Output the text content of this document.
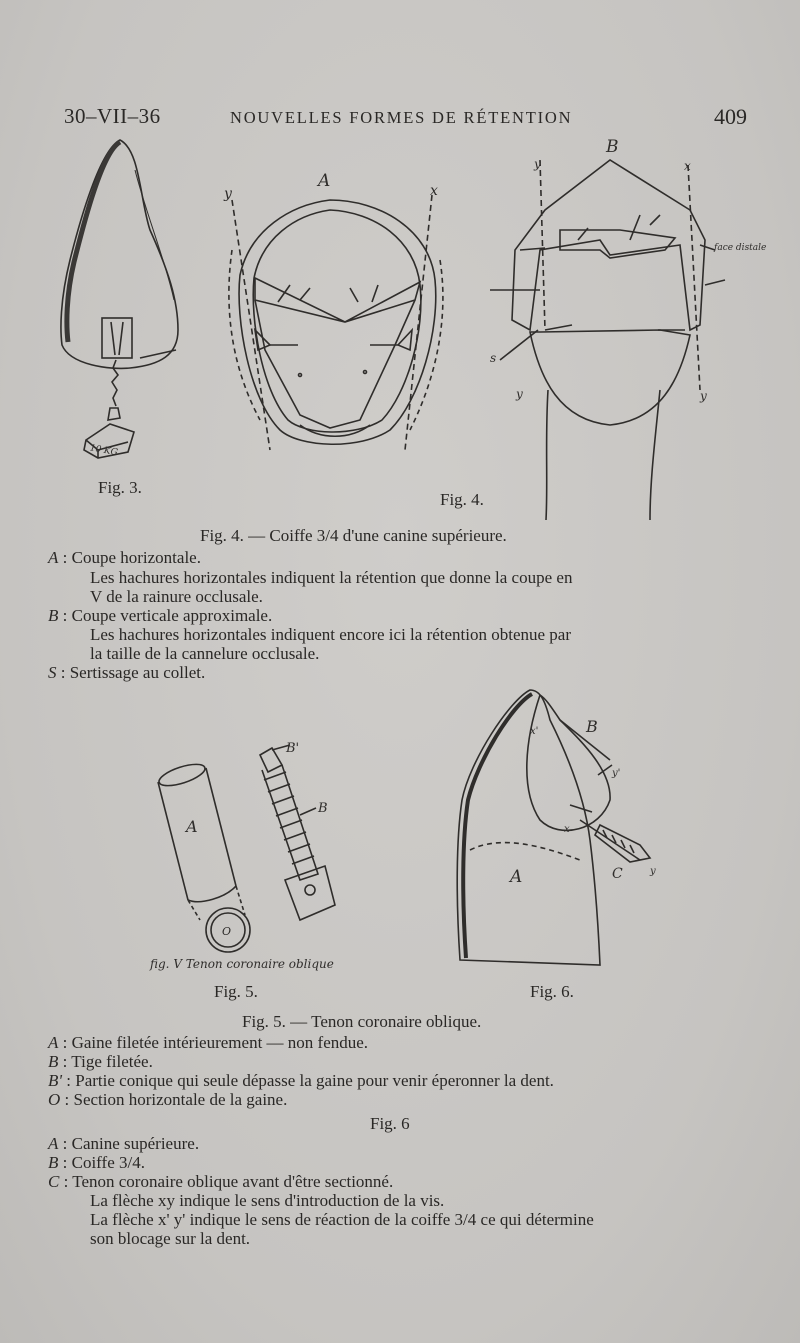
30–VII–36	NOUVELLES FORMES DE RÉTENTION	409
10 KG
A
y	x
B
y	x
s
y	y
face distale
A
B
B'
O
fig. V Tenon coronaire oblique
A
B
C
x
x'
y
y'
Fig. 3.
Fig. 4.
Fig. 5.	Fig. 6.
Fig. 4. — Coiffe 3/4 d'une canine supérieure.
A : Coupe horizontale.
Les hachures horizontales indiquent la rétention que donne la coupe en
V de la rainure occlusale.
B : Coupe verticale approximale.
Les hachures horizontales indiquent encore ici la rétention obtenue par
la taille de la cannelure occlusale.
S : Sertissage au collet.
Fig. 5. — Tenon coronaire oblique.
A : Gaine filetée intérieurement — non fendue.
B : Tige filetée.
B' : Partie conique qui seule dépasse la gaine pour venir éperonner la dent.
O : Section horizontale de la gaine.
Fig. 6
A : Canine supérieure.
B : Coiffe 3/4.
C : Tenon coronaire oblique avant d'être sectionné.
La flèche xy indique le sens d'introduction de la vis.
La flèche x' y' indique le sens de réaction de la coiffe 3/4 ce qui détermine
son blocage sur la dent.
